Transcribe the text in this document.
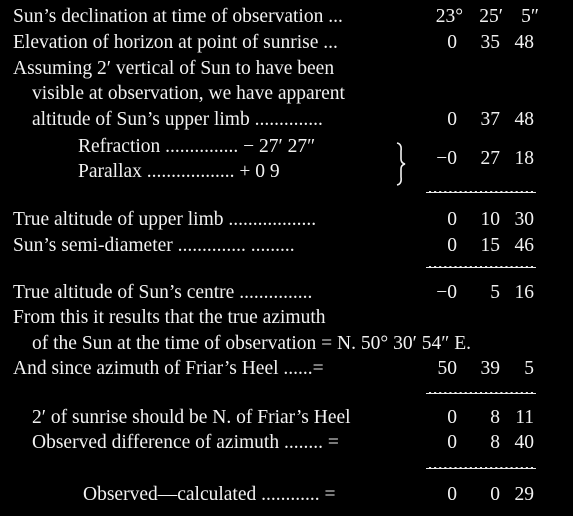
Sun’s declination at time of observation ...	23° 25′ 5″
Elevation of horizon at point of sunrise ...	0 35 48
Assuming 2′ vertical of Sun to have been
visible at observation, we have apparent
altitude of Sun’s upper limb ..............	0 37 48
Refraction ............... − 27′ 27″
Parallax .................. + 0 9
−0 27 18
True altitude of upper limb ..................	0 10 30
Sun’s semi-diameter .............. .........	0 15 46
True altitude of Sun’s centre ...............	−0 5 16
From this it results that the true azimuth
of the Sun at the time of observation = N. 50° 30′ 54″ E.
And since azimuth of Friar’s Heel ......=	50 39 5
2′ of sunrise should be N. of Friar’s Heel	0 8 11
Observed difference of azimuth ........ =	0 8 40
Observed—calculated ............ =	0 0 29
